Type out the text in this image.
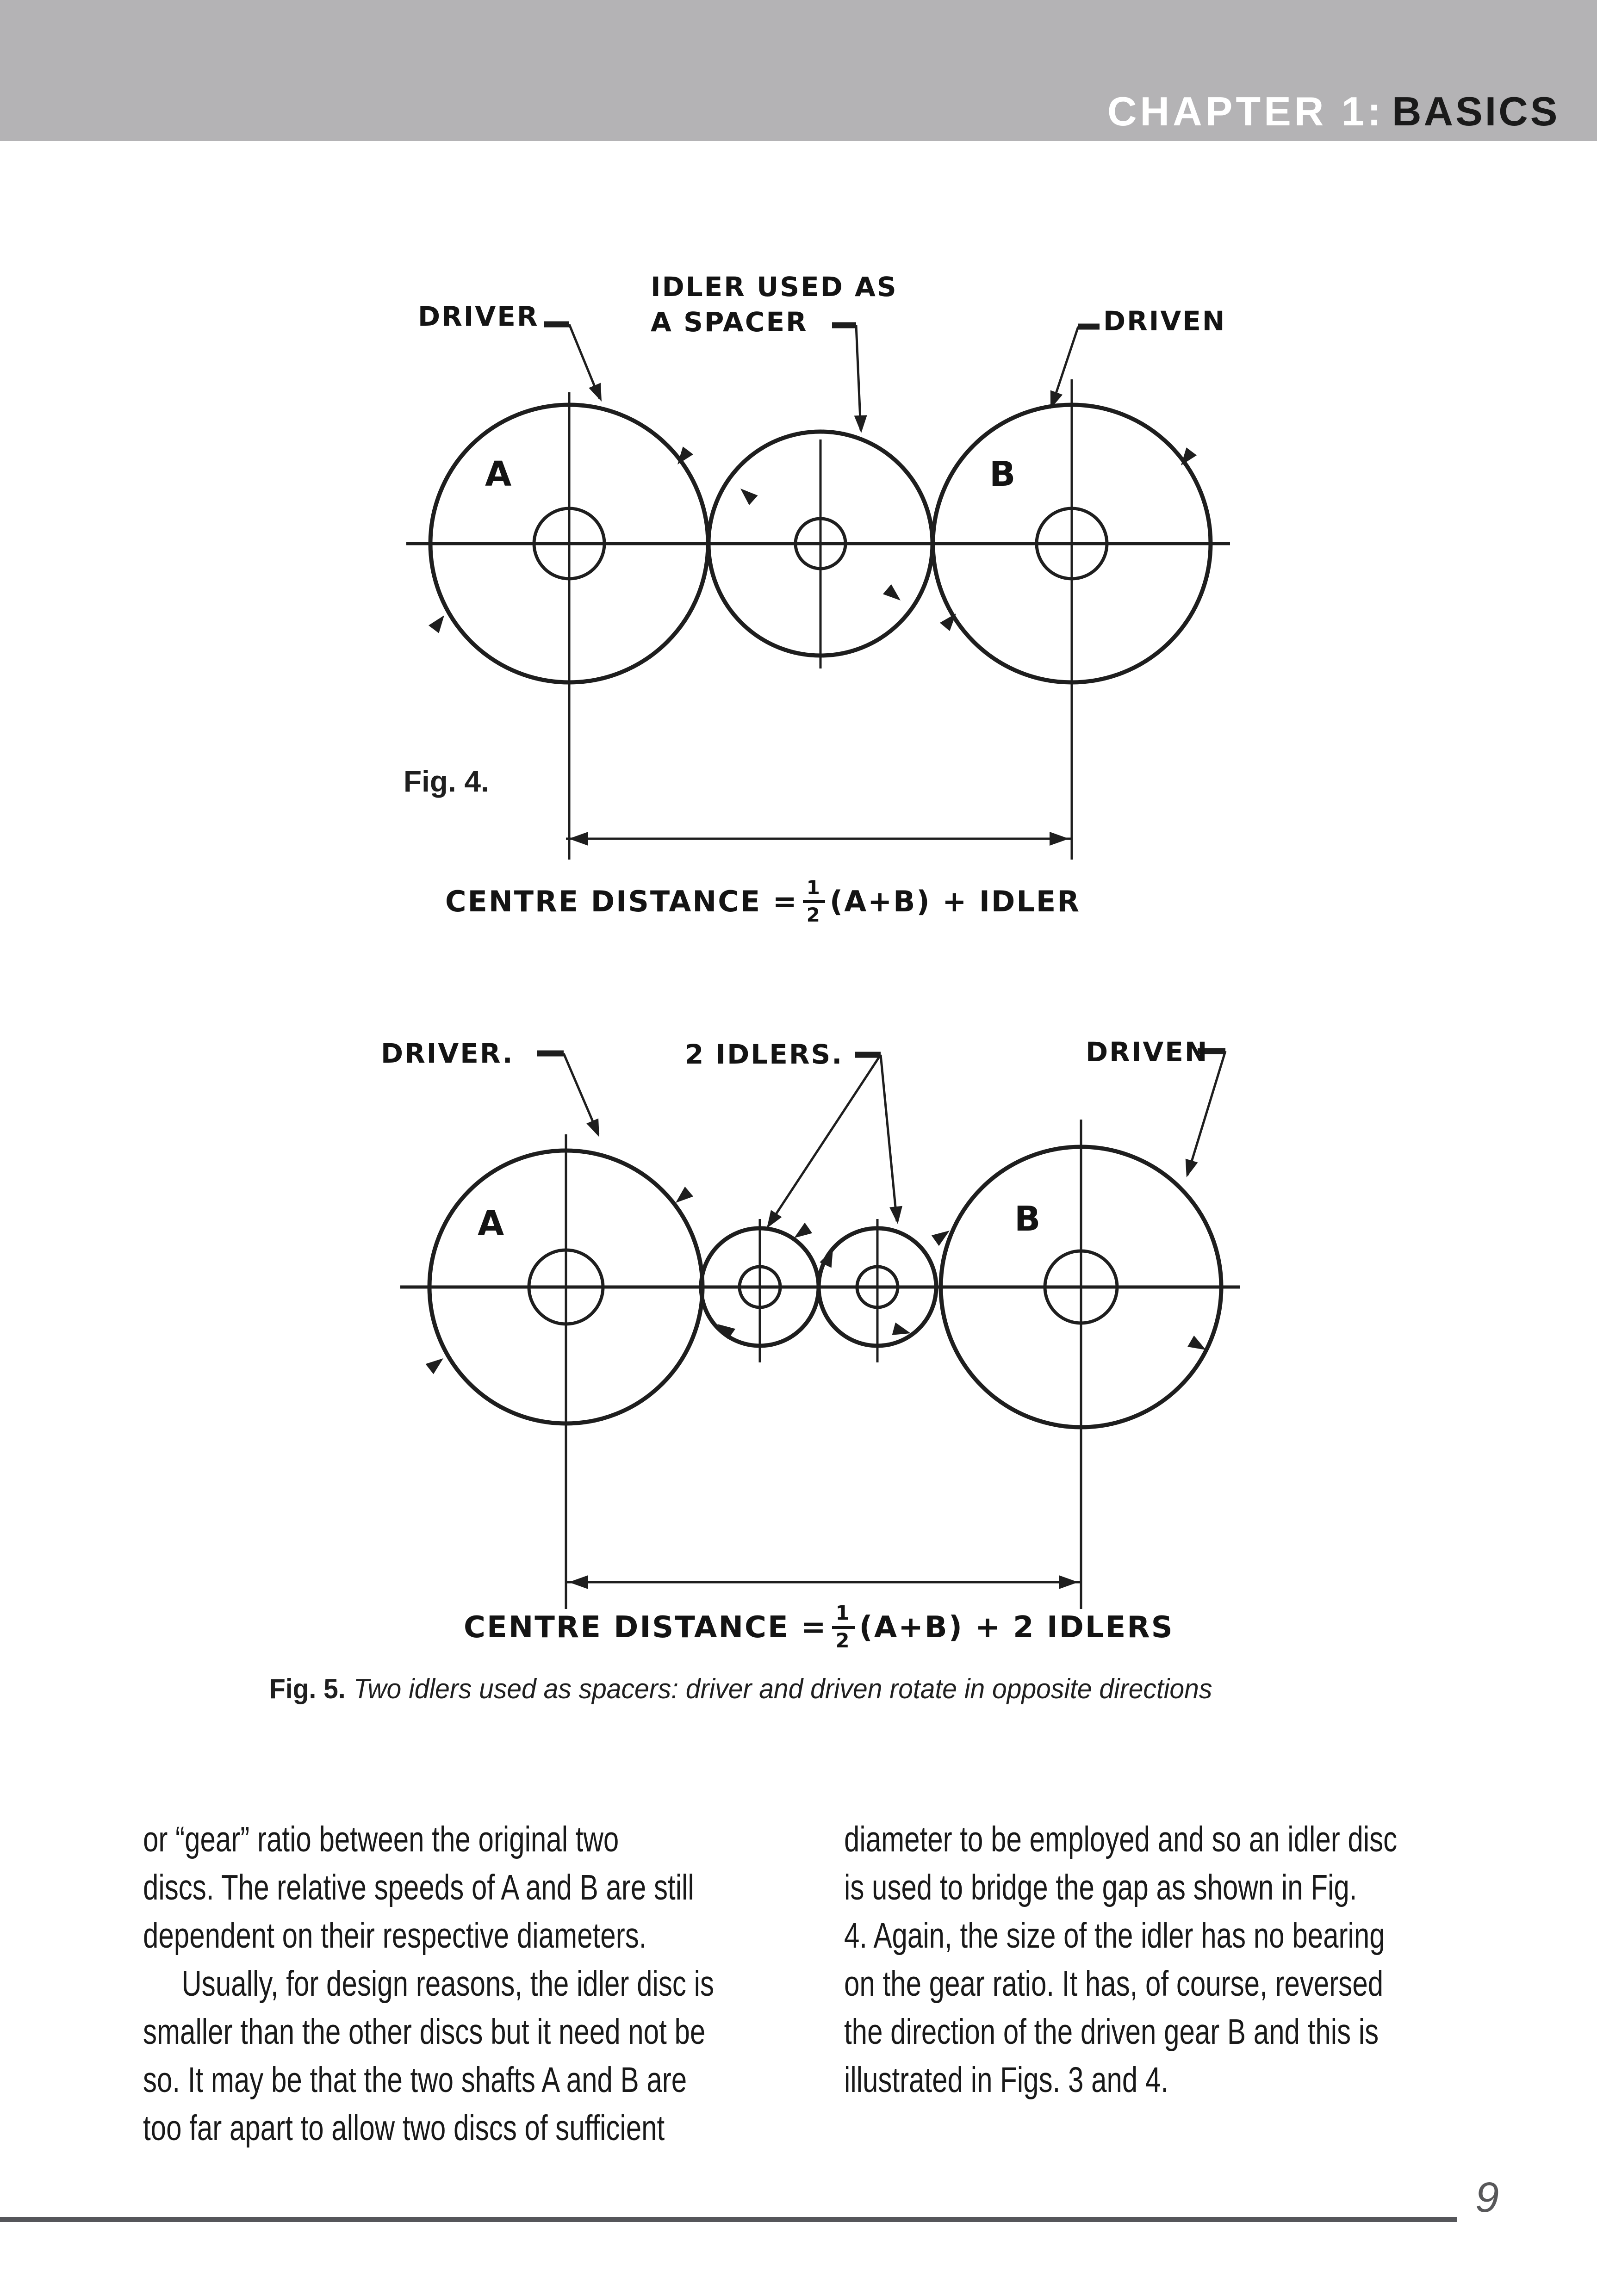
CHAPTER 1: BASICS
DRIVER
IDLER USED AS
A SPACER	DRIVEN
A	B
Fig. 4.
CENTRE DISTANCE = $\frac{1}{2} (A+B)$ + IDLER
DRIVER.	2 IDLERS.	DRIVEN
A	B
CENTRE DISTANCE = $\frac{1}{2} (A+B) + 2$ IDLERS
Fig. 5. Two idlers used as spacers: driver and driven rotate in opposite directions
or “gear” ratio between the original two
discs. The relative speeds of A and B are still
dependent on their respective diameters.
Usually, for design reasons, the idler disc is
smaller than the other discs but it need not be
so. It may be that the two shafts A and B are
too far apart to allow two discs of sufficient
diameter to be employed and so an idler disc
is used to bridge the gap as shown in Fig.
4. Again, the size of the idler has no bearing
on the gear ratio. It has, of course, reversed
the direction of the driven gear B and this is
illustrated in Figs. 3 and 4.
9
